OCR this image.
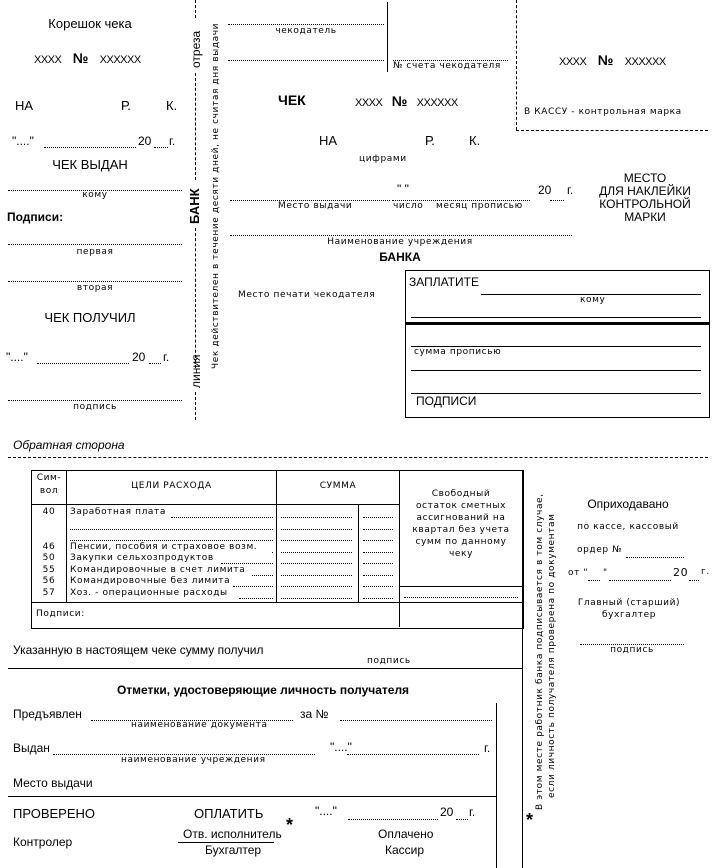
Корешок чека
XXXX № XXXXXX
НА	Р.	К.
"...."	20 г.
ЧЕК ВЫДАН
кому
Подписи:
первая
вторая
ЧЕК ПОЛУЧИЛ
"...."	20 г.
подпись
отреза
БАНК
линия
Чек действителен в течение десяти дней, не считая дня выдачи	чекодатель
№ счета чекодателя
ЧЕК	XXXX № XXXXXX
НА	Р.	К.
цифрами
" "	20 г.
Место выдачи	число месяц прописью
Наименование учреждения
БАНКА
Место печати чекодателя
ЗАПЛАТИТЕ
кому
сумма прописью
ПОДПИСИ
XXXX № XXXXXX
В КАССУ - контрольная марка
МЕСТО
ДЛЯ НАКЛЕЙКИ
КОНТРОЛЬНОЙ
МАРКИ
Обратная сторона
Сим-
вол	ЦЕЛИ РАСХОДА	СУММА
Свободный
остаток сметных
ассигнований на
квартал без учета
сумм по данному
чеку
40	Заработная плата
46	Пенсии, пособия и страховое возм.
50	Закупки сельхозпродуктов
55	Командировочные в счет лимита
56	Командировочные без лимита
57	Хоз. - операционные расходы
Подписи:
Указанную в настоящем чеке сумму получил
подпись
Отметки, удостоверяющие личность получателя
Предъявлен
наименование документа
за №
Выдан
наименование учреждения
"...."	г.
Место выдачи
ПРОВЕРЕНО	ОПЛАТИТЬ	"...."	20 г.
Контролер
Отв. исполнитель
Бухгалтер
*	Оплачено
Кассир
В этом месте работник банка подписывается в том случае, если личность получателя проверена по документам
*
Оприходавано
по кассе, кассовый
ордер №
от " "	20 г.
Главный (старший)
бухгалтер
подпись
